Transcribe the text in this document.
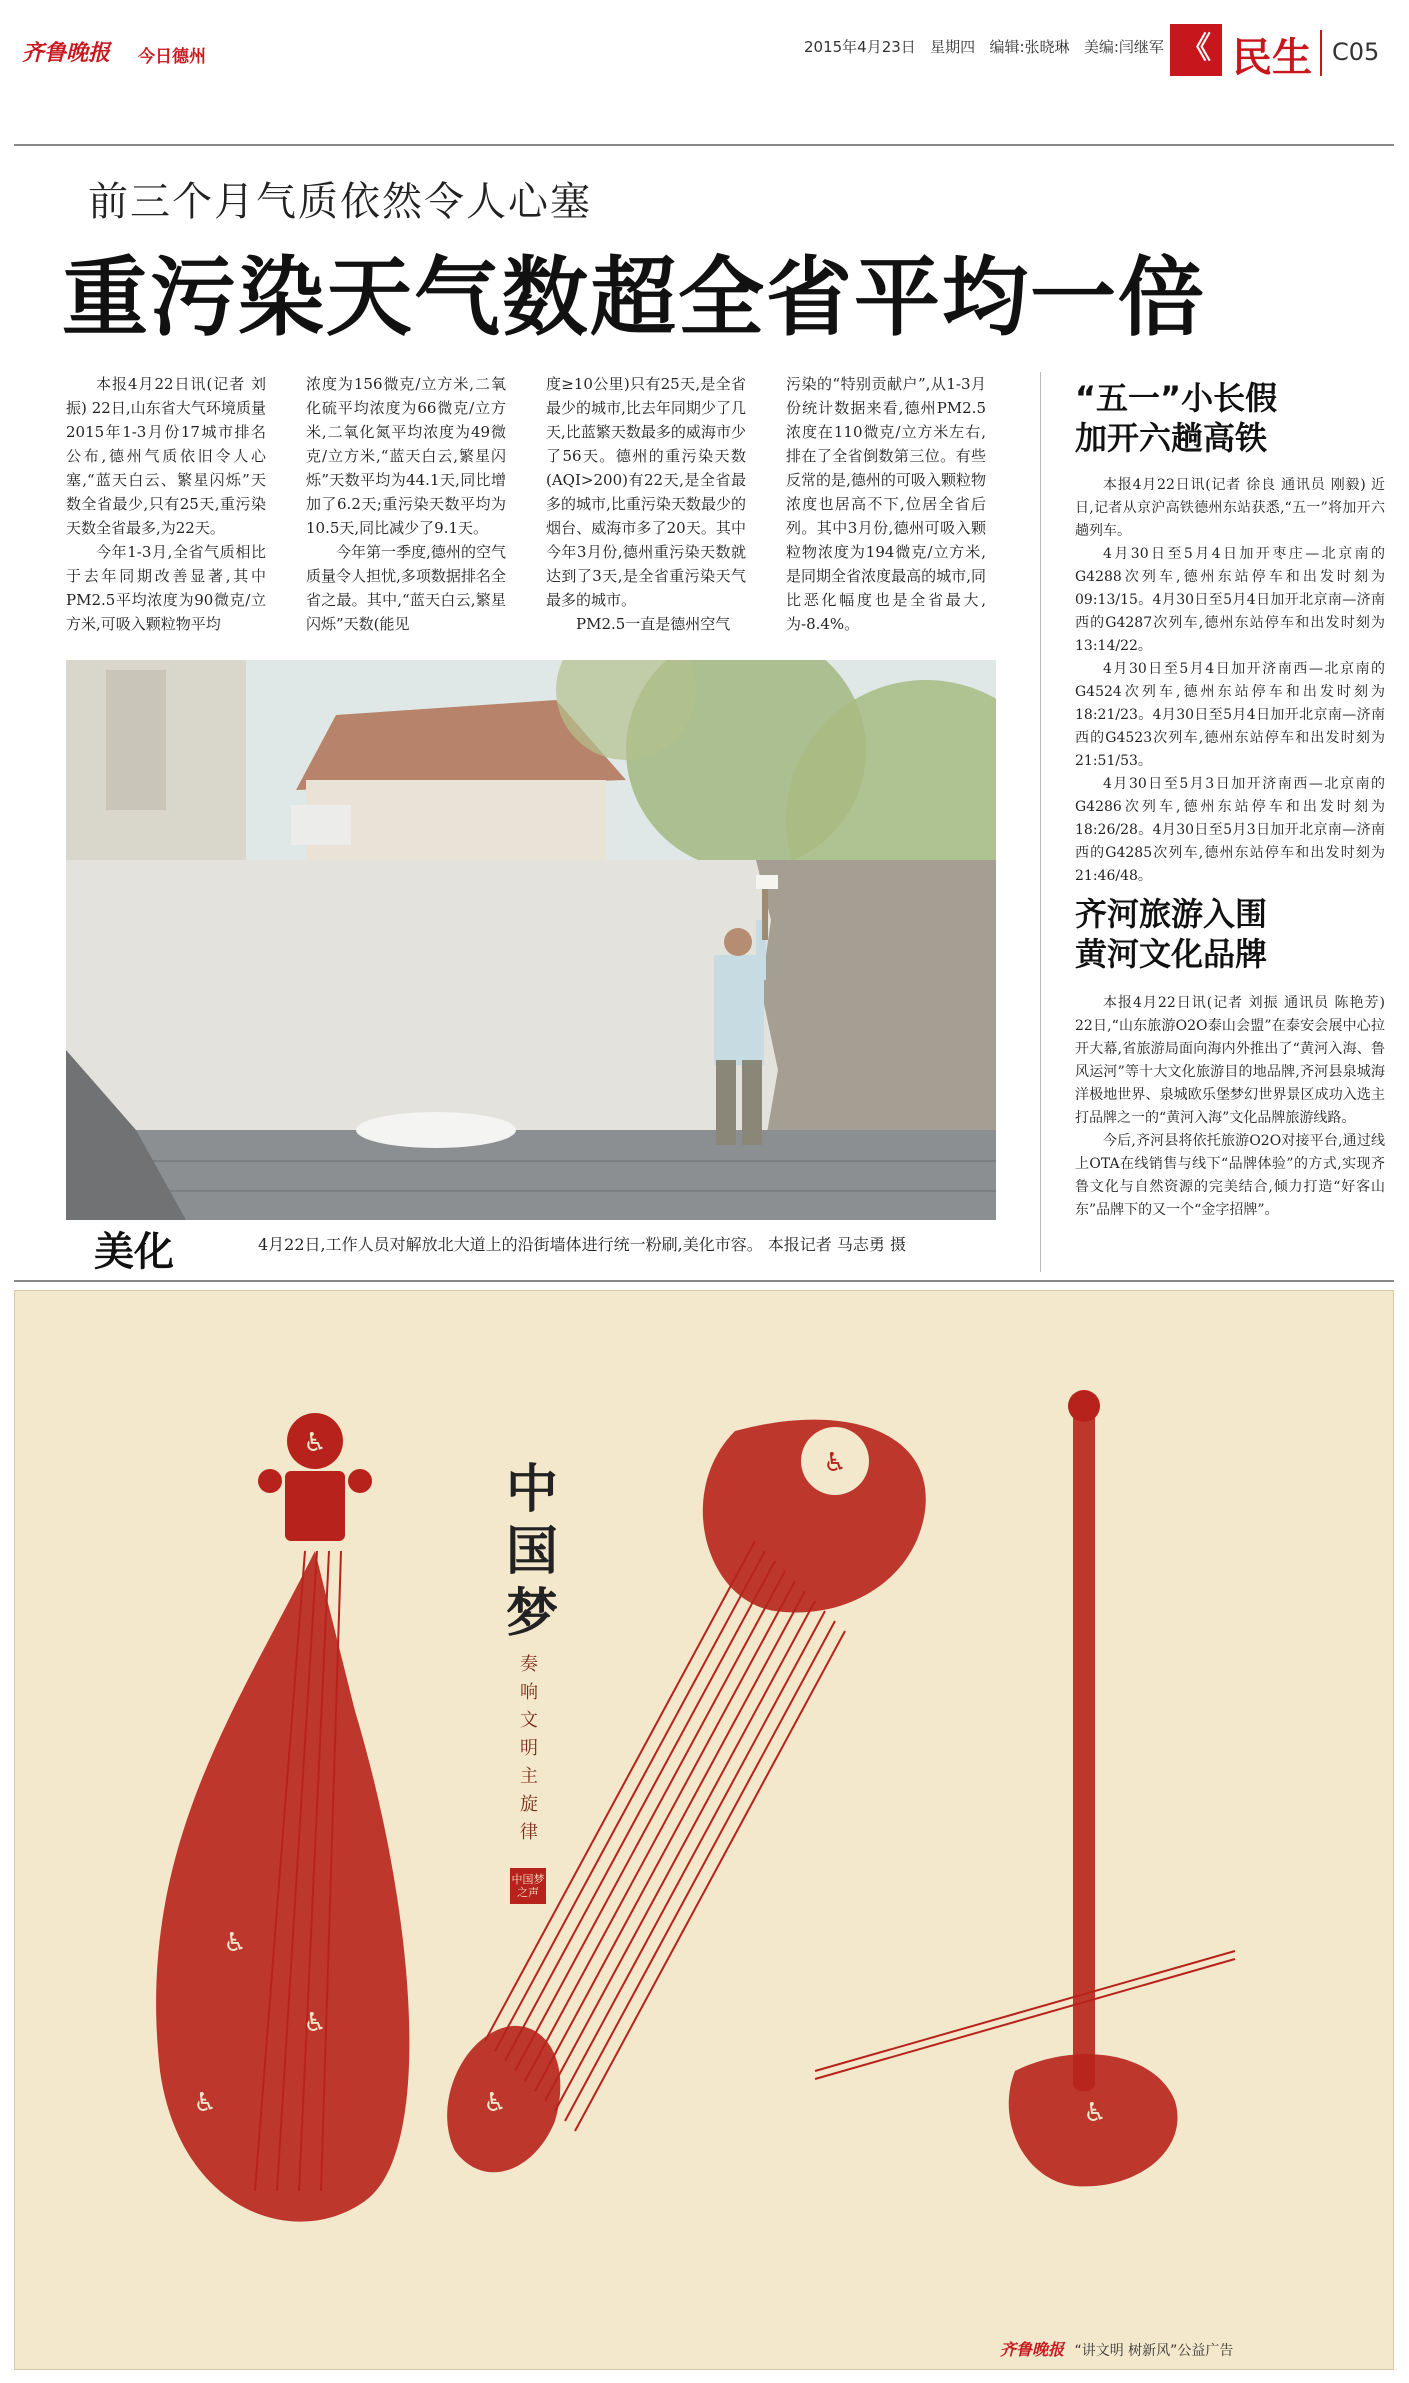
齐鲁晚报 今日德州	2015年4月23日 星期四 编辑:张晓琳 美编:闫继军 《 民生 C05
前三个月气质依然令人心塞
重污染天气数超全省平均一倍

本报4月22日讯(记者 刘振) 22日,山东省大气环境质量2015年1-3月份17城市排名公布,德州气质依旧令人心塞,“蓝天白云、繁星闪烁”天数全省最少,只有25天,重污染天数全省最多,为22天。

今年1-3月,全省气质相比于去年同期改善显著,其中PM2.5平均浓度为90微克/立方米,可吸入颗粒物平均

浓度为156微克/立方米,二氧化硫平均浓度为66微克/立方米,二氧化氮平均浓度为49微克/立方米,“蓝天白云,繁星闪烁”天数平均为44.1天,同比增加了6.2天;重污染天数平均为10.5天,同比减少了9.1天。

今年第一季度,德州的空气质量令人担忧,多项数据排名全省之最。其中,“蓝天白云,繁星闪烁”天数(能见

度≥10公里)只有25天,是全省最少的城市,比去年同期少了几天,比蓝繁天数最多的威海市少了56天。德州的重污染天数(AQI>200)有22天,是全省最多的城市,比重污染天数最少的烟台、威海市多了20天。其中今年3月份,德州重污染天数就达到了3天,是全省重污染天气最多的城市。

PM2.5一直是德州空气

污染的“特别贡献户”,从1-3月份统计数据来看,德州PM2.5浓度在110微克/立方米左右,排在了全省倒数第三位。有些反常的是,德州的可吸入颗粒物浓度也居高不下,位居全省后列。其中3月份,德州可吸入颗粒物浓度为194微克/立方米,是同期全省浓度最高的城市,同比恶化幅度也是全省最大,为-8.4%。

美化	4月22日,工作人员对解放北大道上的沿街墙体进行统一粉刷,美化市容。 本报记者 马志勇 摄
“五一”小长假
加开六趟高铁

本报4月22日讯(记者 徐良 通讯员 刚毅) 近日,记者从京沪高铁德州东站获悉,“五一”将加开六趟列车。

4月30日至5月4日加开枣庄—北京南的G4288次列车,德州东站停车和出发时刻为09:13/15。4月30日至5月4日加开北京南—济南西的G4287次列车,德州东站停车和出发时刻为13:14/22。

4月30日至5月4日加开济南西—北京南的G4524次列车,德州东站停车和出发时刻为18:21/23。4月30日至5月4日加开北京南—济南西的G4523次列车,德州东站停车和出发时刻为21:51/53。

4月30日至5月3日加开济南西—北京南的G4286次列车,德州东站停车和出发时刻为18:26/28。4月30日至5月3日加开北京南—济南西的G4285次列车,德州东站停车和出发时刻为21:46/48。

齐河旅游入围
黄河文化品牌

本报4月22日讯(记者 刘振 通讯员 陈艳芳) 22日,“山东旅游O2O泰山会盟”在泰安会展中心拉开大幕,省旅游局面向海内外推出了“黄河入海、鲁风运河”等十大文化旅游目的地品牌,齐河县泉城海洋极地世界、泉城欧乐堡梦幻世界景区成功入选主打品牌之一的“黄河入海”文化品牌旅游线路。

今后,齐河县将依托旅游O2O对接平台,通过线上OTA在线销售与线下“品牌体验”的方式,实现齐鲁文化与自然资源的完美结合,倾力打造“好客山东”品牌下的又一个“金字招牌”。

♿
♿
♿
♿
♿	♿
♿
中国梦
奏响文明主旋律
中国梦之声
齐鲁晚报 “讲文明 树新风”公益广告
